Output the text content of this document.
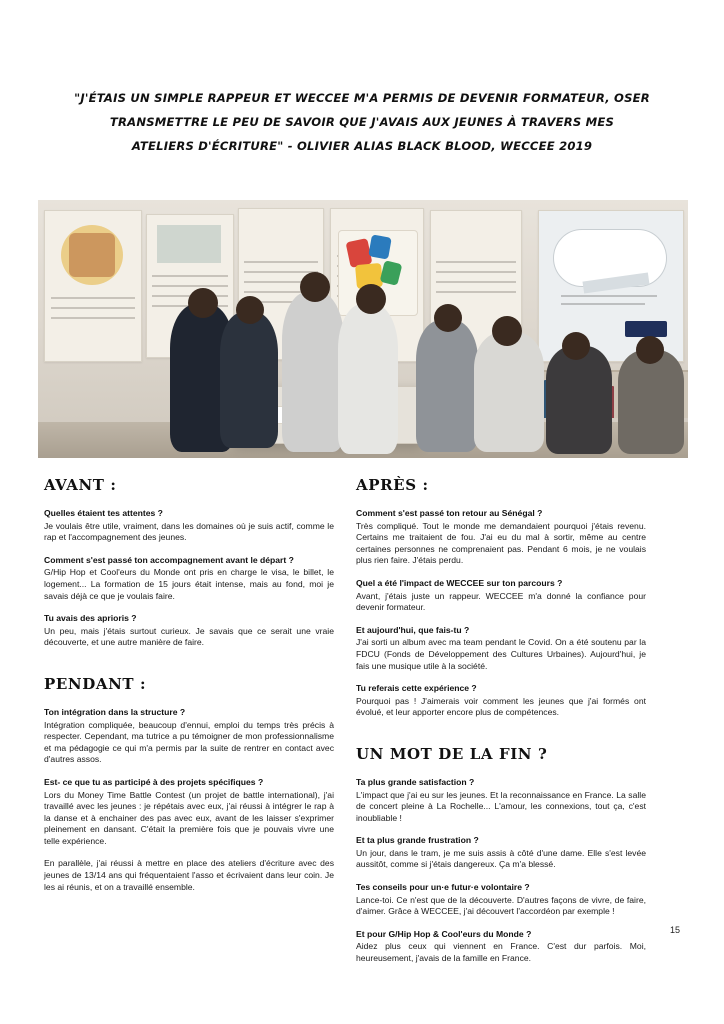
"J'ÉTAIS UN SIMPLE RAPPEUR ET WECCEE M'A PERMIS DE DEVENIR FORMATEUR, OSER
TRANSMETTRE LE PEU DE SAVOIR QUE J'AVAIS AUX JEUNES À TRAVERS MES
ATELIERS D'ÉCRITURE" - OLIVIER ALIAS BLACK BLOOD, WECCEE 2019
AVANT :

Quelles étaient tes attentes ?

Je voulais être utile, vraiment, dans les domaines où je suis actif, comme le rap et l'accompagnement des jeunes.

Comment s'est passé ton accompagnement avant le départ ?

G/Hip Hop et Cool'eurs du Monde ont pris en charge le visa, le billet, le logement... La formation de 15 jours était intense, mais au fond, moi je savais déjà ce que je voulais faire.

Tu avais des aprioris ?

Un peu, mais j'étais surtout curieux. Je savais que ce serait une vraie découverte, et une autre manière de faire.

PENDANT :

Ton intégration dans la structure ?

Intégration compliquée, beaucoup d'ennui, emploi du temps très précis à respecter. Cependant, ma tutrice a pu témoigner de mon professionnalisme et ma pédagogie ce qui m'a permis par la suite de rentrer en contact avec d'autres assos.

Est- ce que tu as participé à des projets spécifiques ?

Lors du Money Time Battle Contest (un projet de battle international), j'ai travaillé avec les jeunes : je répétais avec eux, j'ai réussi à intégrer le rap à la danse et à enchainer des pas avec eux, avant de les laisser s'exprimer pleinement en dansant. C'était la première fois que je pouvais vivre une telle expérience.

En parallèle, j'ai réussi à mettre en place des ateliers d'écriture avec des jeunes de 13/14 ans qui fréquentaient l'asso et écrivaient dans leur coin. Je les ai réunis, et on a travaillé ensemble.

APRÈS :

Comment s'est passé ton retour au Sénégal ?

Très compliqué. Tout le monde me demandaient pourquoi j'étais revenu. Certains me traitaient de fou. J'ai eu du mal à sortir, même au centre certaines personnes ne comprenaient pas. Pendant 6 mois, je ne voulais plus rien faire. J'étais perdu.

Quel a été l'impact de WECCEE sur ton parcours ?

Avant, j'étais juste un rappeur. WECCEE m'a donné la confiance pour devenir formateur.

Et aujourd'hui, que fais-tu ?

J'ai sorti un album avec ma team pendant le Covid. On a été soutenu par la FDCU (Fonds de Développement des Cultures Urbaines). Aujourd'hui, je fais une musique utile à la société.

Tu referais cette expérience ?

Pourquoi pas ! J'aimerais voir comment les jeunes que j'ai formés ont évolué, et leur apporter encore plus de compétences.

UN MOT DE LA FIN ?

Ta plus grande satisfaction ?

L'impact que j'ai eu sur les jeunes. Et la reconnaissance en France. La salle de concert pleine à La Rochelle... L'amour, les connexions, tout ça, c'est inoubliable !

Et ta plus grande frustration ?

Un jour, dans le tram, je me suis assis à côté d'une dame. Elle s'est levée aussitôt, comme si j'étais dangereux. Ça m'a blessé.

Tes conseils pour un·e futur·e volontaire ?

Lance-toi. Ce n'est que de la découverte. D'autres façons de vivre, de faire, d'aimer. Grâce à WECCEE, j'ai découvert l'accordéon par exemple !

Et pour G/Hip Hop & Cool'eurs du Monde ?

Aidez plus ceux qui viennent en France. C'est dur parfois. Moi, heureusement, j'avais de la famille en France.

15
